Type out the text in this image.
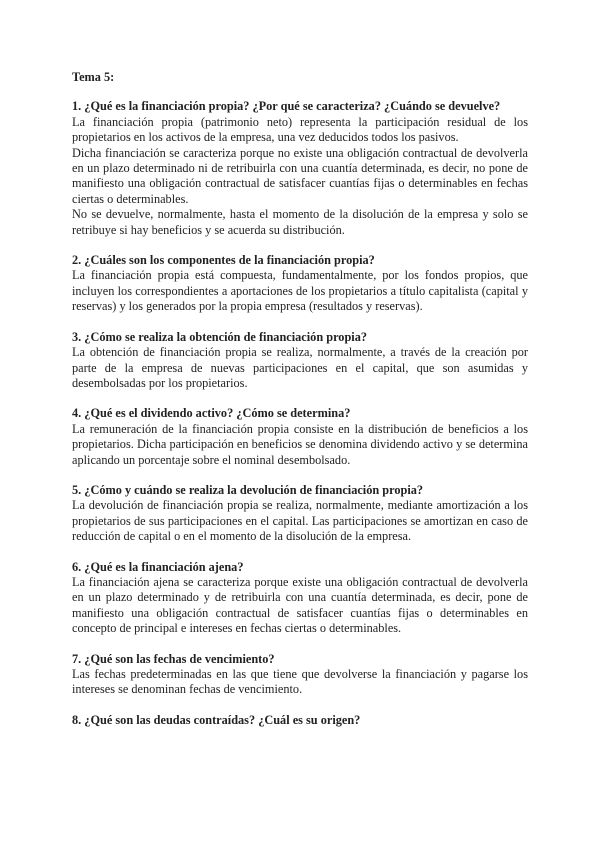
Tema 5:

1. ¿Qué es la financiación propia? ¿Por qué se caracteriza? ¿Cuándo se devuelve?

La financiación propia (patrimonio neto) representa la participación residual de los propietarios en los activos de la empresa, una vez deducidos todos los pasivos.

Dicha financiación se caracteriza porque no existe una obligación contractual de devolverla en un plazo determinado ni de retribuirla con una cuantía determinada, es decir, no pone de manifiesto una obligación contractual de satisfacer cuantías fijas o determinables en fechas ciertas o determinables.

No se devuelve, normalmente, hasta el momento de la disolución de la empresa y solo se retribuye si hay beneficios y se acuerda su distribución.

2. ¿Cuáles son los componentes de la financiación propia?

La financiación propia está compuesta, fundamentalmente, por los fondos propios, que incluyen los correspondientes a aportaciones de los propietarios a título capitalista (capital y reservas) y los generados por la propia empresa (resultados y reservas).

3. ¿Cómo se realiza la obtención de financiación propia?

La obtención de financiación propia se realiza, normalmente, a través de la creación por parte de la empresa de nuevas participaciones en el capital, que son asumidas y desembolsadas por los propietarios.

4. ¿Qué es el dividendo activo? ¿Cómo se determina?

La remuneración de la financiación propia consiste en la distribución de beneficios a los propietarios. Dicha participación en beneficios se denomina dividendo activo y se determina aplicando un porcentaje sobre el nominal desembolsado.

5. ¿Cómo y cuándo se realiza la devolución de financiación propia?

La devolución de financiación propia se realiza, normalmente, mediante amortización a los propietarios de sus participaciones en el capital. Las participaciones se amortizan en caso de reducción de capital o en el momento de la disolución de la empresa.

6. ¿Qué es la financiación ajena?

La financiación ajena se caracteriza porque existe una obligación contractual de devolverla en un plazo determinado y de retribuirla con una cuantía determinada, es decir, pone de manifiesto una obligación contractual de satisfacer cuantías fijas o determinables en concepto de principal e intereses en fechas ciertas o determinables.

7. ¿Qué son las fechas de vencimiento?

Las fechas predeterminadas en las que tiene que devolverse la financiación y pagarse los intereses se denominan fechas de vencimiento.

8. ¿Qué son las deudas contraídas? ¿Cuál es su origen?
